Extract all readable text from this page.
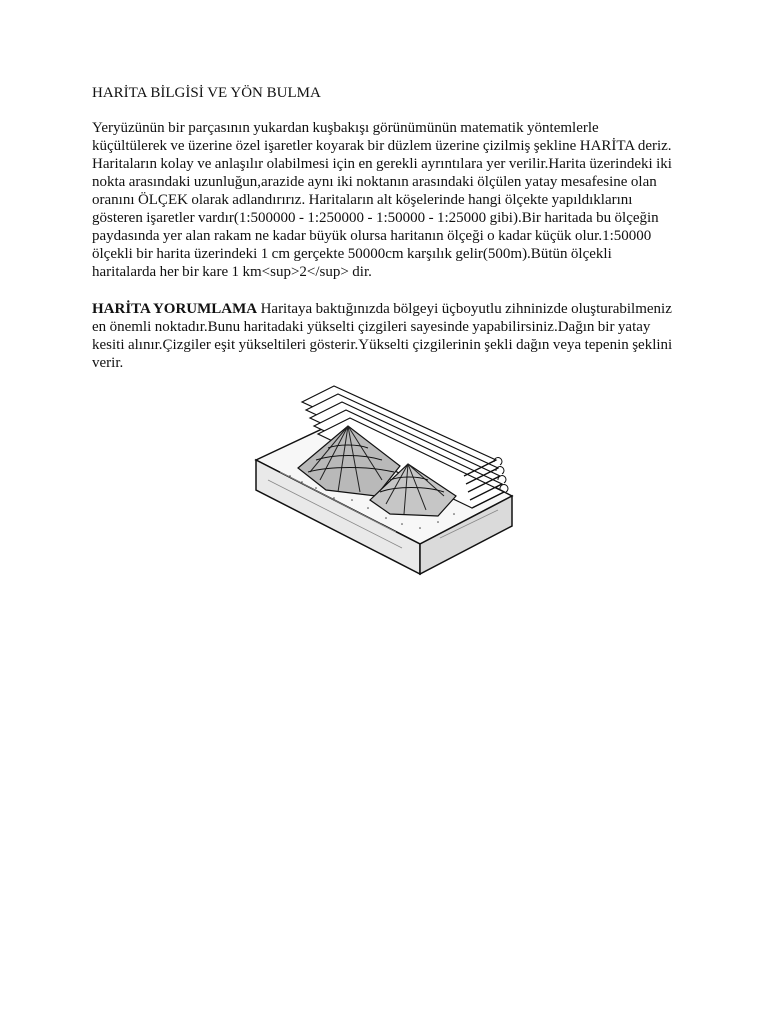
HARİTA BİLGİSİ VE YÖN BULMA

Yeryüzünün bir parçasının yukardan kuşbakışı görünümünün matematik yöntemlerle küçültülerek ve üzerine özel işaretler koyarak bir düzlem üzerine çizilmiş şekline HARİTA deriz. Haritaların kolay ve anlaşılır olabilmesi için en gerekli ayrıntılara yer verilir.Harita üzerindeki iki nokta arasındaki uzunluğun,arazide aynı iki noktanın arasındaki ölçülen yatay mesafesine olan oranını ÖLÇEK olarak adlandırırız. Haritaların alt köşelerinde hangi ölçekte yapıldıklarını gösteren işaretler vardır(1:500000 - 1:250000 - 1:50000 - 1:25000 gibi).Bir haritada bu ölçeğin paydasında yer alan rakam ne kadar büyük olursa haritanın ölçeği o kadar küçük olur.1:50000 ölçekli bir harita üzerindeki 1 cm gerçekte 50000cm karşılık gelir(500m).Bütün ölçekli haritalarda her bir kare 1 km<sup>2</sup> dir.

HARİTA YORUMLAMA Haritaya baktığınızda bölgeyi üçboyutlu zihninizde oluşturabilmeniz en önemli noktadır.Bunu haritadaki yükselti çizgileri sayesinde yapabilirsiniz.Dağın bir yatay kesiti alınır.Çizgiler eşit yükseltileri gösterir.Yükselti çizgilerinin şekli dağın veya tepenin şeklini verir.
